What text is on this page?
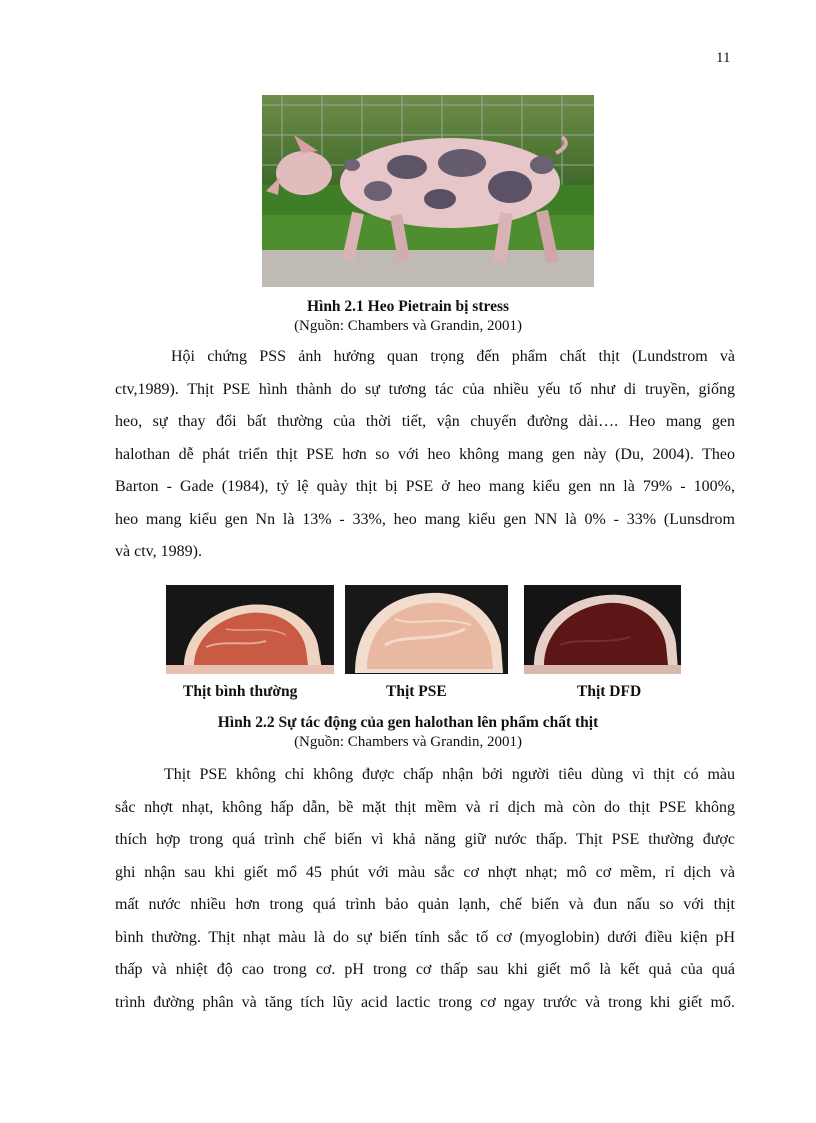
11
Hình 2.1 Heo Pietrain bị stress
(Nguồn: Chambers và Grandin, 2001)
Hội chứng PSS ảnh hưởng quan trọng đến phẩm chất thịt (Lundstrom và
ctv,1989). Thịt PSE hình thành do sự tương tác của nhiều yếu tố như di truyền, giống
heo, sự thay đổi bất thường của thời tiết, vận chuyển đường dài…. Heo mang gen
halothan dễ phát triển thịt PSE hơn so với heo không mang gen này (Du, 2004). Theo
Barton - Gade (1984), tỷ lệ quày thịt bị PSE ở heo mang kiểu gen nn là 79% - 100%,
heo mang kiểu gen Nn là 13% - 33%, heo mang kiểu gen NN là 0% - 33% (Lunsdrom
và ctv, 1989).
Thịt bình thường	Thịt PSE	Thịt DFD
Hình 2.2 Sự tác động của gen halothan lên phẩm chất thịt
(Nguồn: Chambers và Grandin, 2001)
Thịt PSE không chỉ không được chấp nhận bởi người tiêu dùng vì thịt có màu
sắc nhợt nhạt, không hấp dẫn, bề mặt thịt mềm và rỉ dịch mà còn do thịt PSE không
thích hợp trong quá trình chế biến vì khả năng giữ nước thấp. Thịt PSE thường được
ghi nhận sau khi giết mổ 45 phút với màu sắc cơ nhợt nhạt; mô cơ mềm, rỉ dịch và
mất nước nhiều hơn trong quá trình bảo quản lạnh, chế biến và đun nấu so với thịt
bình thường. Thịt nhạt màu là do sự biến tính sắc tố cơ (myoglobin) dưới điều kiện pH
thấp và nhiệt độ cao trong cơ. pH trong cơ thấp sau khi giết mổ là kết quả của quá
trình đường phân và tăng tích lũy acid lactic trong cơ ngay trước và trong khi giết mổ.
